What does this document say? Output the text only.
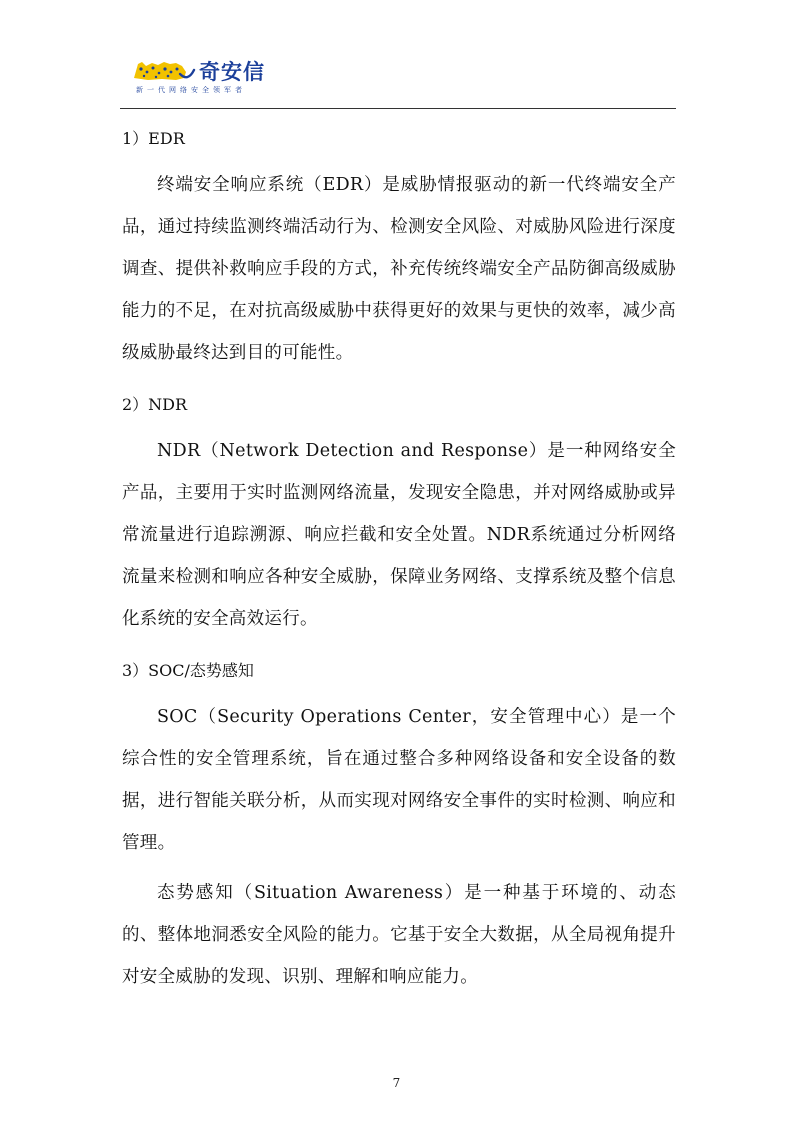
奇安信
新一代网络安全领军者
1）EDR

终端安全响应系统（EDR）是威胁情报驱动的新一代终端安全产品，通过持续监测终端活动行为、检测安全风险、对威胁风险进行深度调查、提供补救响应手段的方式，补充传统终端安全产品防御高级威胁能力的不足，在对抗高级威胁中获得更好的效果与更快的效率，减少高级威胁最终达到目的可能性。

2）NDR

NDR（Network Detection and Response）是一种网络安全产品，主要用于实时监测网络流量，发现安全隐患，并对网络威胁或异常流量进行追踪溯源、响应拦截和安全处置。NDR系统通过分析网络流量来检测和响应各种安全威胁，保障业务网络、支撑系统及整个信息化系统的安全高效运行。

3）SOC/态势感知

SOC（Security Operations Center，安全管理中心）是一个综合性的安全管理系统，旨在通过整合多种网络设备和安全设备的数据，进行智能关联分析，从而实现对网络安全事件的实时检测、响应和管理。

态势感知（Situation Awareness）是一种基于环境的、动态的、整体地洞悉安全风险的能力。它基于安全大数据，从全局视角提升对安全威胁的发现、识别、理解和响应能力。

7
